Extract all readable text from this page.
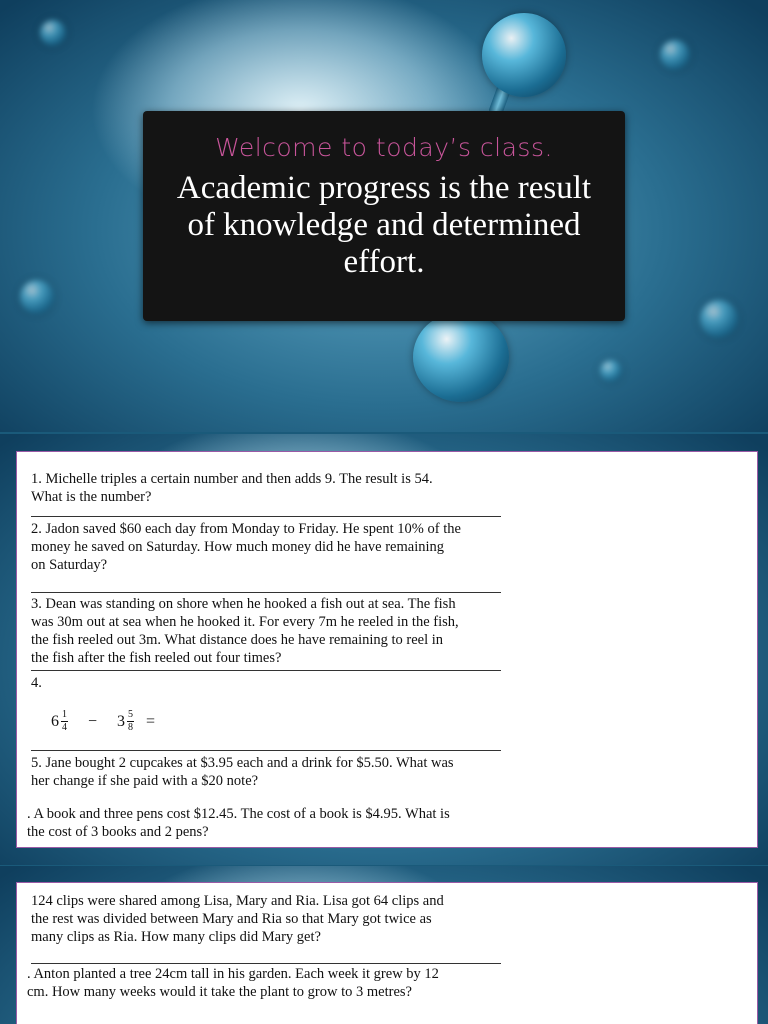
Welcome to today’s class.
Academic progress is the result of knowledge and determined effort.
1. Michelle triples a certain number and then adds 9. The result is 54.
What is the number?
2. Jadon saved $60 each day from Monday to Friday. He spent 10% of the
money he saved on Saturday. How much money did he have remaining
on Saturday?
3. Dean was standing on shore when he hooked a fish out at sea. The fish
was 30m out at sea when he hooked it. For every 7m he reeled in the fish,
the fish reeled out 3m. What distance does he have remaining to reel in
the fish after the fish reeled out four times?
4.
$6 \frac{1}{4} - 3 \frac{5}{8}$ =
5. Jane bought 2 cupcakes at $3.95 each and a drink for $5.50. What was
her change if she paid with a $20 note?
. A book and three pens cost $12.45. The cost of a book is $4.95. What is
the cost of 3 books and 2 pens?
124 clips were shared among Lisa, Mary and Ria. Lisa got 64 clips and
the rest was divided between Mary and Ria so that Mary got twice as
many clips as Ria. How many clips did Mary get?
. Anton planted a tree 24cm tall in his garden. Each week it grew by 12
cm. How many weeks would it take the plant to grow to 3 metres?
